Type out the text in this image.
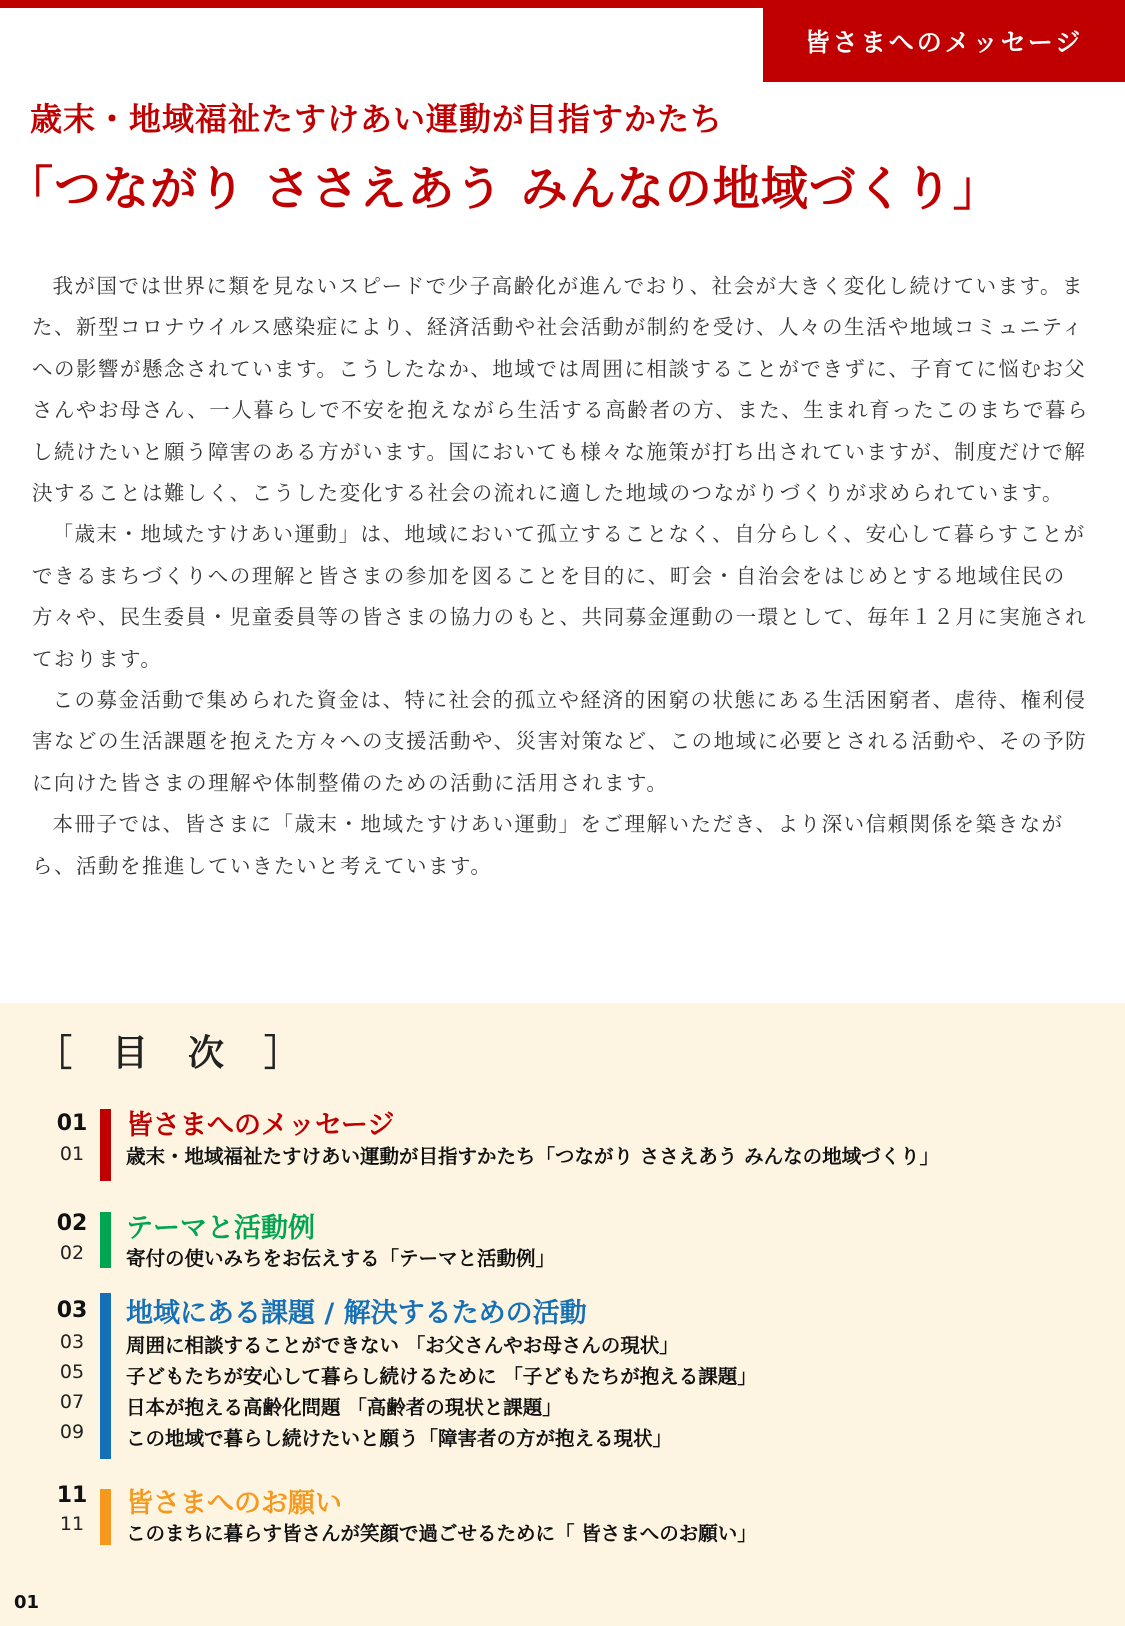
皆さまへのメッセージ
歳末・地域福祉たすけあい運動が目指すかたち
「つながり ささえあう みんなの地域づくり」

我が国では世界に類を見ないスピードで少子高齢化が進んでおり、社会が大きく変化し続けています。また、新型コロナウイルス感染症により、経済活動や社会活動が制約を受け、人々の生活や地域コミュニティへの影響が懸念されています。こうしたなか、地域では周囲に相談することができずに、子育てに悩むお父さんやお母さん、一人暮らしで不安を抱えながら生活する高齢者の方、また、生まれ育ったこのまちで暮らし続けたいと願う障害のある方がいます。国においても様々な施策が打ち出されていますが、制度だけで解決することは難しく、こうした変化する社会の流れに適した地域のつながりづくりが求められています。

「歳末・地域たすけあい運動」は、地域において孤立することなく、自分らしく、安心して暮らすことができるまちづくりへの理解と皆さまの参加を図ることを目的に、町会・自治会をはじめとする地域住民の方々や、民生委員・児童委員等の皆さまの協力のもと、共同募金運動の一環として、毎年１２月に実施されております。

この募金活動で集められた資金は、特に社会的孤立や経済的困窮の状態にある生活困窮者、虐待、権利侵害などの生活課題を抱えた方々への支援活動や、災害対策など、この地域に必要とされる活動や、その予防に向けた皆さまの理解や体制整備のための活動に活用されます。

本冊子では、皆さまに「歳末・地域たすけあい運動」をご理解いただき、より深い信頼関係を築きながら、活動を推進していきたいと考えています。

［　目　次　］
01
01
皆さまへのメッセージ
歳末・地域福祉たすけあい運動が目指すかたち「つながり ささえあう みんなの地域づくり」
02
02
テーマと活動例
寄付の使いみちをお伝えする「テーマと活動例」
03
03
05
07
09
地域にある課題 / 解決するための活動
周囲に相談することができない 「お父さんやお母さんの現状」
子どもたちが安心して暮らし続けるために 「子どもたちが抱える課題」
日本が抱える高齢化問題 「高齢者の現状と課題」
この地域で暮らし続けたいと願う「障害者の方が抱える現状」
11
11
皆さまへのお願い
このまちに暮らす皆さんが笑顔で過ごせるために「 皆さまへのお願い」
01
